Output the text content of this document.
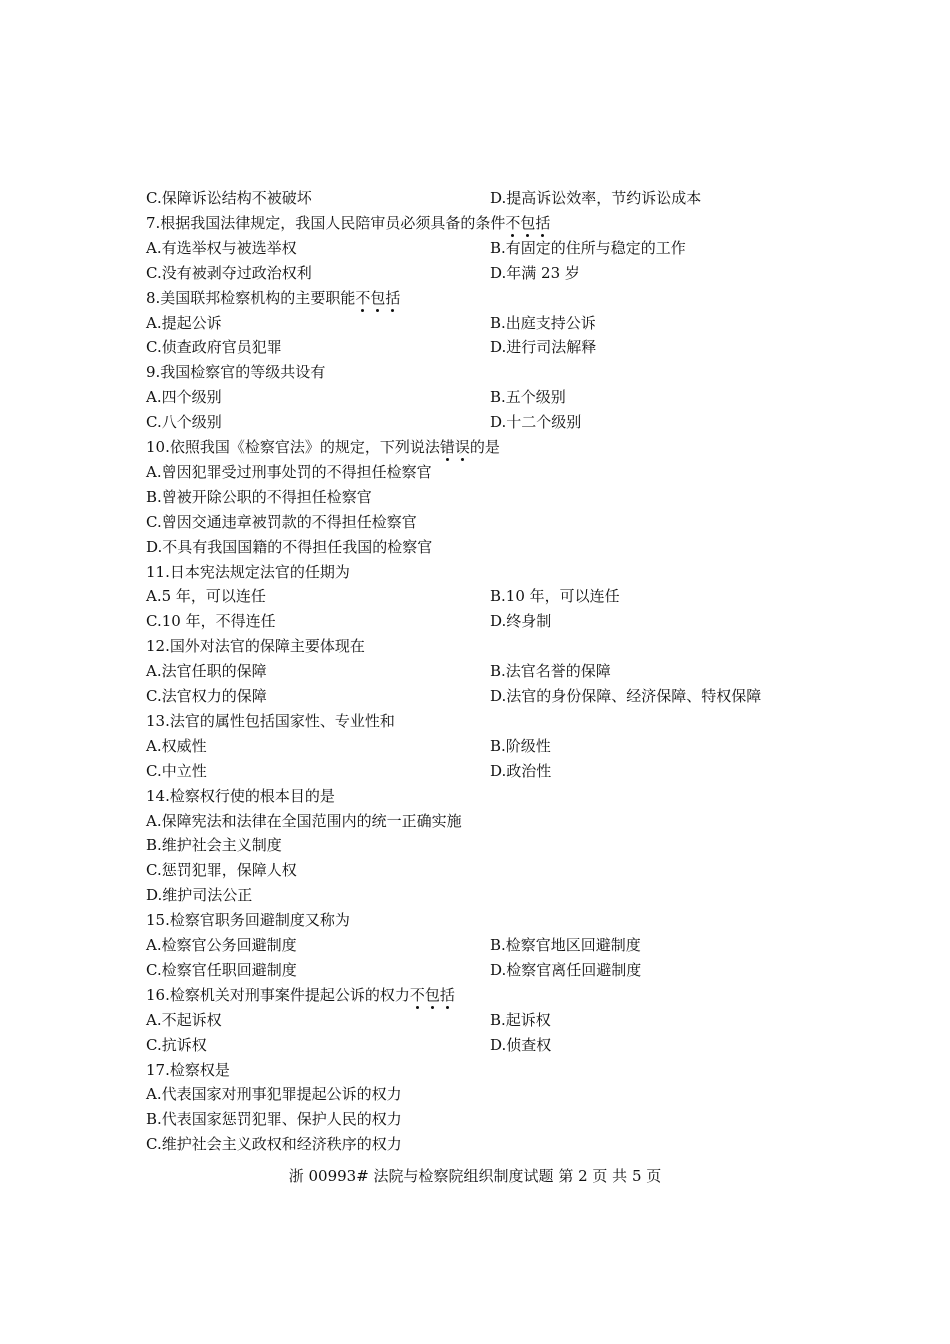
C.保障诉讼结构不被破坏	D.提高诉讼效率，节约诉讼成本
7.根据我国法律规定，我国人民陪审员必须具备的条件不包括
A.有选举权与被选举权	B.有固定的住所与稳定的工作
C.没有被剥夺过政治权利	D.年满 23 岁
8.美国联邦检察机构的主要职能不包括
A.提起公诉	B.出庭支持公诉
C.侦查政府官员犯罪	D.进行司法解释
9.我国检察官的等级共设有
A.四个级别	B.五个级别
C.八个级别	D.十二个级别
10.依照我国《检察官法》的规定，下列说法错误的是
A.曾因犯罪受过刑事处罚的不得担任检察官
B.曾被开除公职的不得担任检察官
C.曾因交通违章被罚款的不得担任检察官
D.不具有我国国籍的不得担任我国的检察官
11.日本宪法规定法官的任期为
A.5 年，可以连任	B.10 年，可以连任
C.10 年，不得连任	D.终身制
12.国外对法官的保障主要体现在
A.法官任职的保障	B.法官名誉的保障
C.法官权力的保障	D.法官的身份保障、经济保障、特权保障
13.法官的属性包括国家性、专业性和
A.权威性	B.阶级性
C.中立性	D.政治性
14.检察权行使的根本目的是
A.保障宪法和法律在全国范围内的统一正确实施
B.维护社会主义制度
C.惩罚犯罪，保障人权
D.维护司法公正
15.检察官职务回避制度又称为
A.检察官公务回避制度	B.检察官地区回避制度
C.检察官任职回避制度	D.检察官离任回避制度
16.检察机关对刑事案件提起公诉的权力不包括
A.不起诉权	B.起诉权
C.抗诉权	D.侦查权
17.检察权是
A.代表国家对刑事犯罪提起公诉的权力
B.代表国家惩罚犯罪、保护人民的权力
C.维护社会主义政权和经济秩序的权力
浙 00993# 法院与检察院组织制度试题 第 2 页 共 5 页
